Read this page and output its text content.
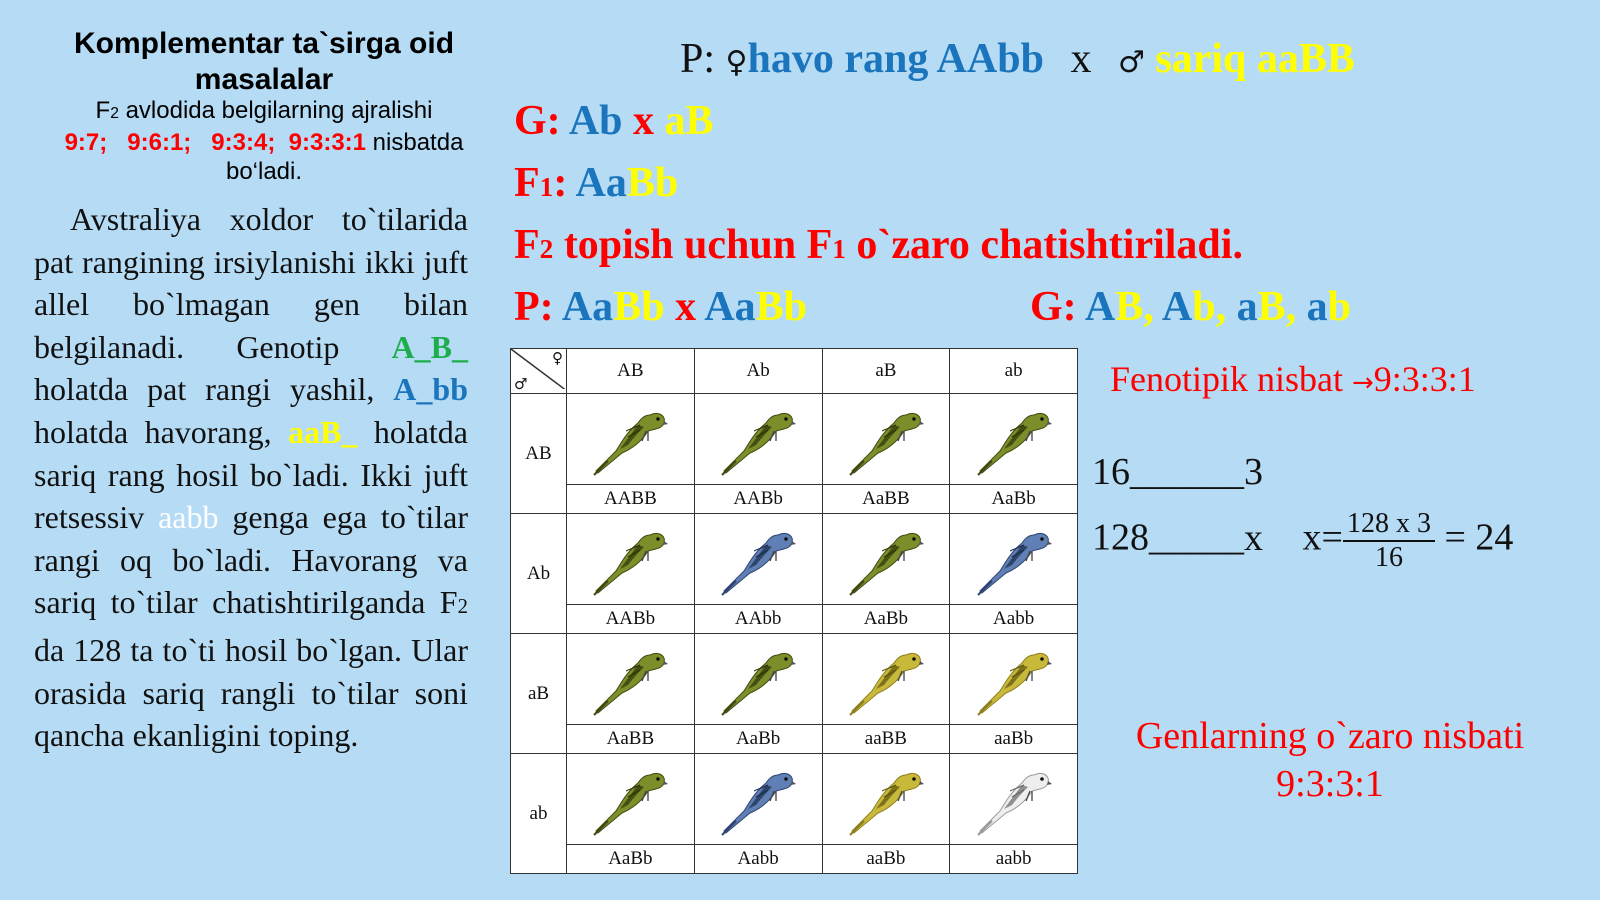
Komplementar ta`sirga oid masalalar
F2 avlodida belgilarning ajralishi
9:7;   9:6:1;   9:3:4;  9:3:3:1 nisbatda
bo‘ladi.
Avstraliya xoldor to`tilarida pat rangining irsiylanishi ikki juft allel bo`lmagan gen bilan belgilanadi. Genotip A_B_ holatda pat rangi yashil, A_bb holatda havorang, aaB_ holatda sariq rang hosil bo`ladi. Ikki juft retsessiv aabb genga ega to`tilar rangi oq bo`ladi. Havorang va sariq to`tilar chatishtirilganda F2 da 128 ta to`ti hosil bo`lgan. Ular orasida sariq rangli to`tilar soni qancha ekanligini toping.
P: ♀havo rang AAbb x ♂ sariq aaBB
G: Ab x aB
F1: AaBb
F2 topish uchun F1 o`zaro chatishtiriladi.
P: AaBb x AaBb	G: AB, Ab, aB, ab
♀
♂	AB	Ab	aB	ab
AB	AABB	AABb	AaBB	AaBb

Ab	AABb	AAbb	AaBb	Aabb

aB	AaBB	AaBb	aaBB	aaBb

ab	AaBb	Aabb	aaBb	aabb
Fenotipik nisbat →9:3:3:1
16______3
128_____x $x= \frac{128 x 3}{16} = 24$
Genlarning o`zaro nisbati
9:3:3:1
